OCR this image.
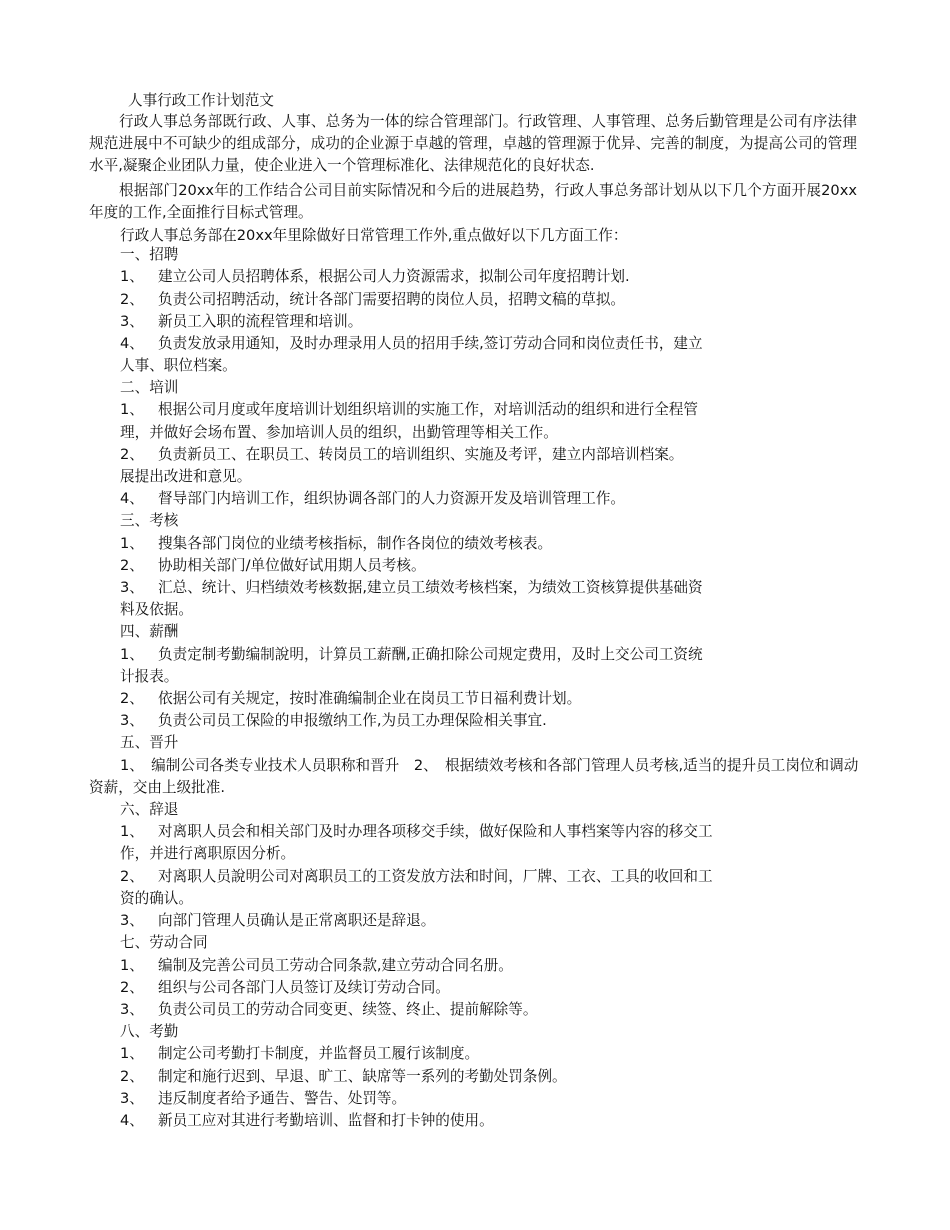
人事行政工作计划范文
行政人事总务部既行政、人事、总务为一体的综合管理部门。行政管理、人事管理、总务后勤管理是公司有序法律规范进展中不可缺少的组成部分，成功的企业源于卓越的管理，卓越的管理源于优异、完善的制度，为提高公司的管理水平,凝聚企业团队力量，使企业进入一个管理标准化、法律规范化的良好状态.
根据部门20xx年的工作结合公司目前实际情况和今后的进展趋势，行政人事总务部计划从以下几个方面开展20xx年度的工作,全面推行目标式管理。
行政人事总务部在20xx年里除做好日常管理工作外,重点做好以下几方面工作：
一、招聘
1、 建立公司人员招聘体系，根据公司人力资源需求，拟制公司年度招聘计划.
2、 负责公司招聘活动，统计各部门需要招聘的岗位人员，招聘文稿的草拟。
3、 新员工入职的流程管理和培训。
4、 负责发放录用通知，及时办理录用人员的招用手续,签订劳动合同和岗位责任书，建立
人事、职位档案。
二、培训
1、 根据公司月度或年度培训计划组织培训的实施工作，对培训活动的组织和进行全程管
理，并做好会场布置、参加培训人员的组织，出勤管理等相关工作。
2、 负责新员工、在职员工、转岗员工的培训组织、实施及考评，建立内部培训档案。
展提出改进和意见。
4、 督导部门内培训工作，组织协调各部门的人力资源开发及培训管理工作。
三、考核
1、 搜集各部门岗位的业绩考核指标，制作各岗位的绩效考核表。
2、 协助相关部门/单位做好试用期人员考核。
3、 汇总、统计、归档绩效考核数据,建立员工绩效考核档案，为绩效工资核算提供基础资
料及依据。
四、薪酬
1、 负责定制考勤编制說明，计算员工薪酬,正确扣除公司规定费用，及时上交公司工资统
计报表。
2、 依据公司有关规定，按时准确编制企业在岗员工节日福利费计划。
3、 负责公司员工保险的申报缴纳工作,为员工办理保险相关事宜.
五、晋升
1、　编制公司各类专业技术人员职称和晋升　2、　根据绩效考核和各部门管理人员考核,适当的提升员工岗位和调动资薪，交由上级批准.
六、辞退
1、 对离职人员会和相关部门及时办理各项移交手续，做好保险和人事档案等内容的移交工
作，并进行离职原因分析。
2、 对离职人员說明公司对离职员工的工资发放方法和时间，厂牌、工衣、工具的收回和工
资的确认。
3、 向部门管理人员确认是正常离职还是辞退。
七、劳动合同
1、 编制及完善公司员工劳动合同条款,建立劳动合同名册。
2、 组织与公司各部门人员签订及续订劳动合同。
3、 负责公司员工的劳动合同变更、续签、终止、提前解除等。
八、考勤
1、 制定公司考勤打卡制度，并监督员工履行该制度。
2、 制定和施行迟到、早退、旷工、缺席等一系列的考勤处罚条例。
3、 违反制度者给予通告、警告、处罚等。
4、 新员工应对其进行考勤培训、监督和打卡钟的使用。
